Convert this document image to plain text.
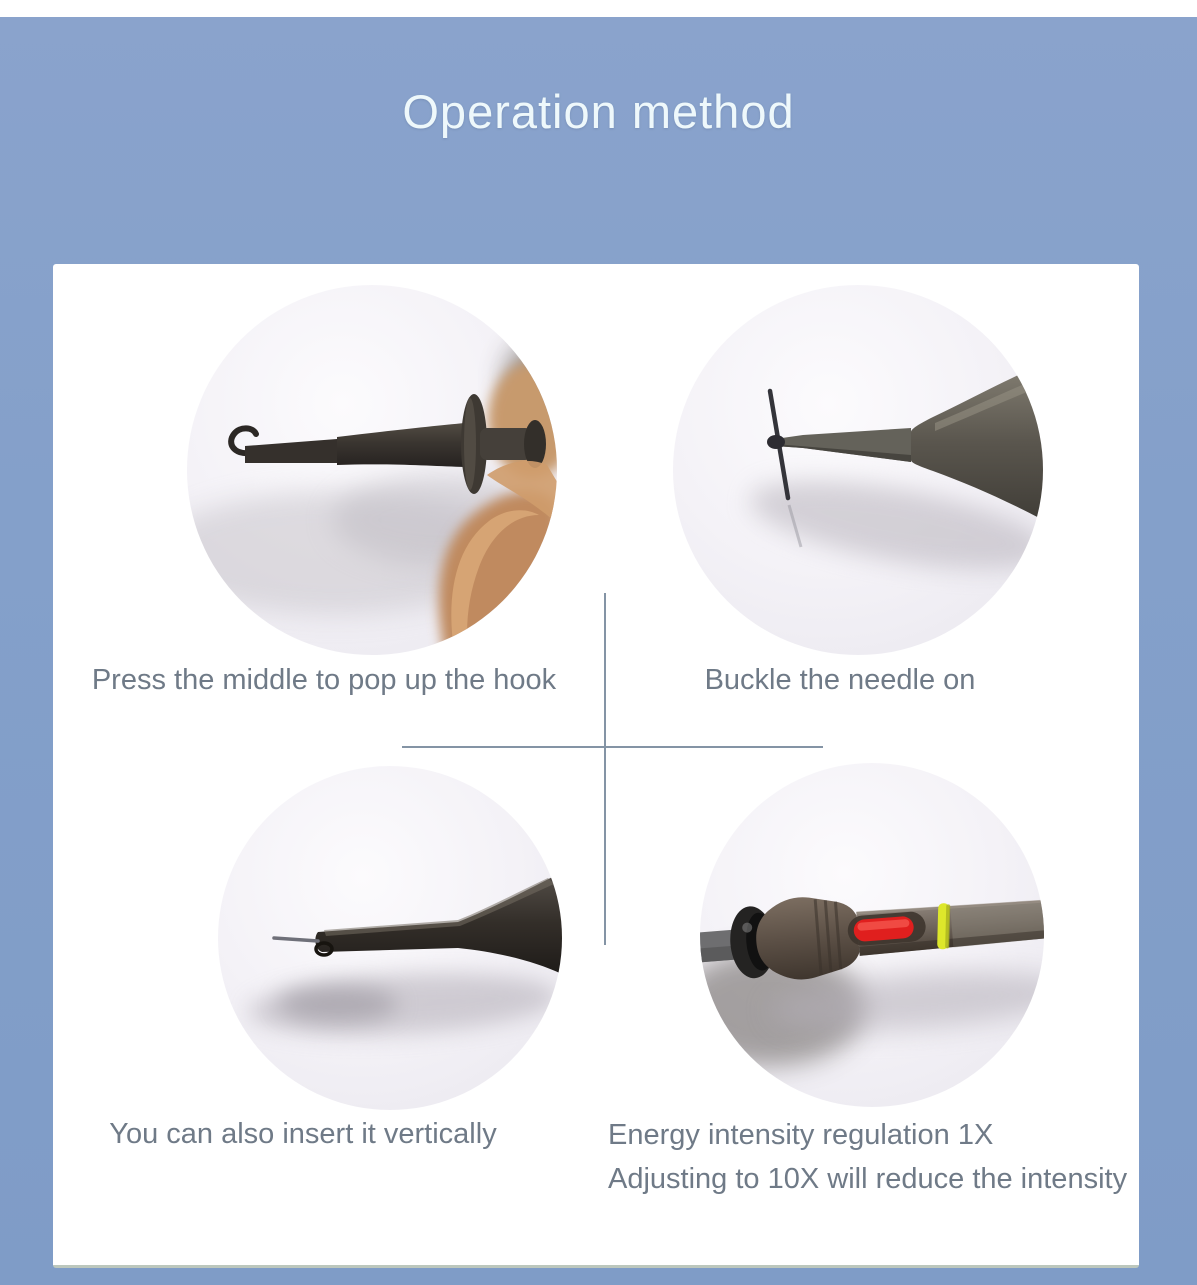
Operation method
Press the middle to pop up the hook	Buckle the needle on
You can also insert it vertically	Energy intensity regulation 1X
Adjusting to 10X will reduce the intensity
